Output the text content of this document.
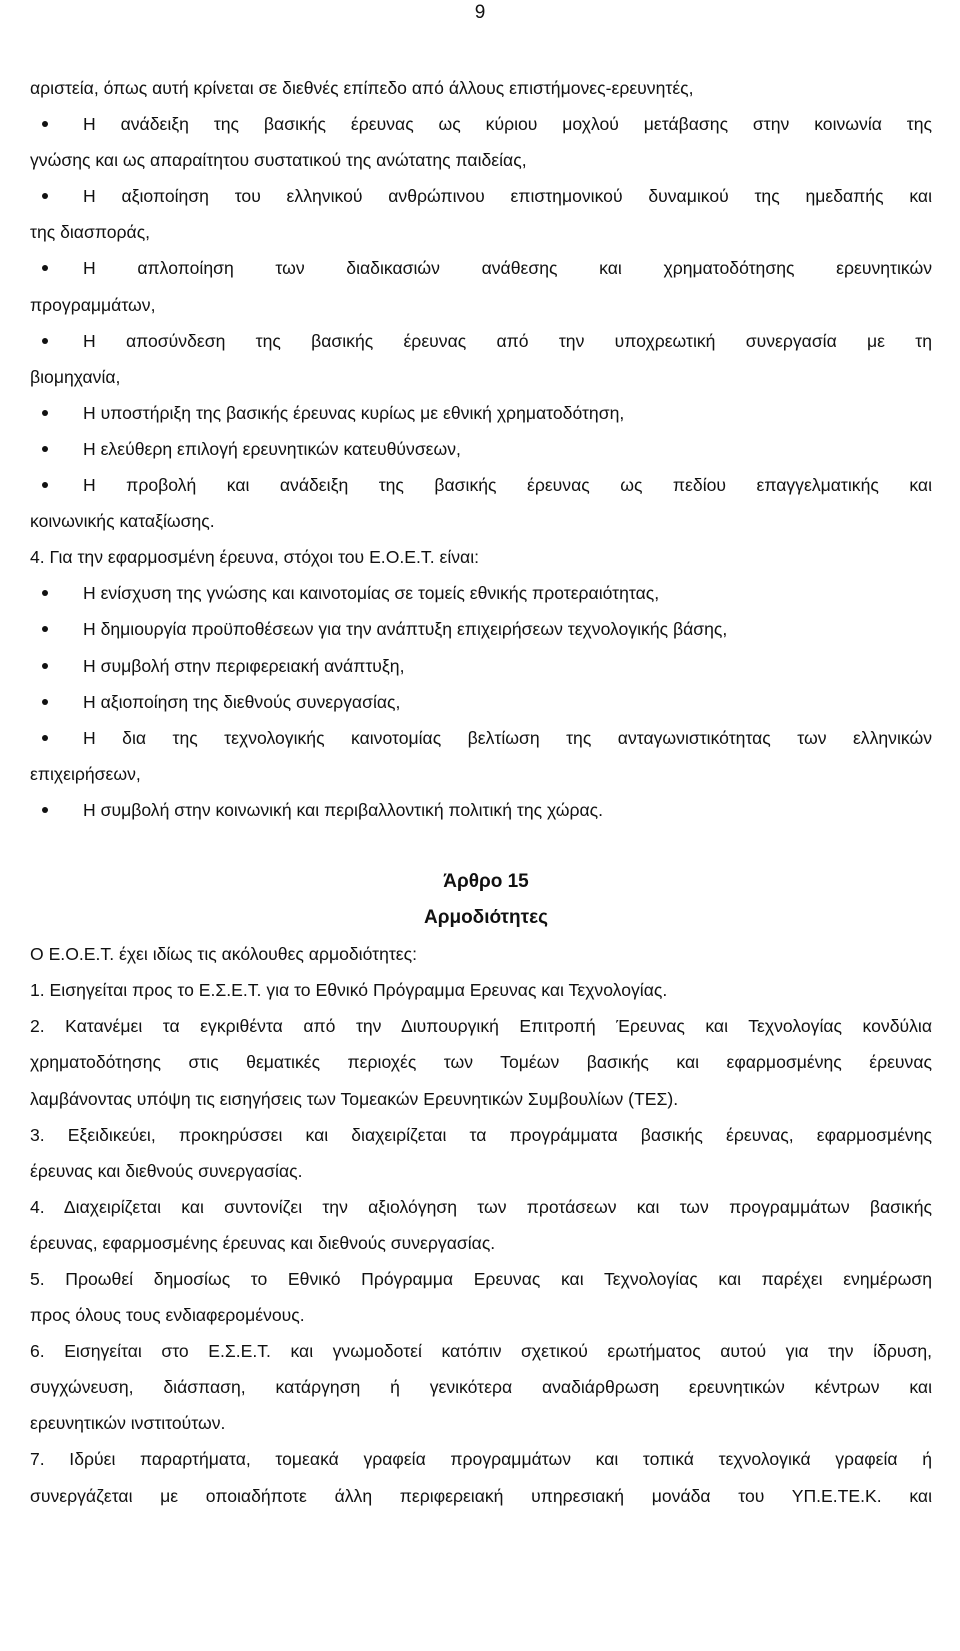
9
αριστεία, όπως αυτή κρίνεται σε διεθνές επίπεδο από άλλους επιστήμονες-ερευνητές,
Η ανάδειξη της βασικής έρευνας ως κύριου μοχλού μετάβασης στην κοινωνία της
γνώσης και ως απαραίτητου συστατικού της ανώτατης παιδείας,
Η αξιοποίηση του ελληνικού ανθρώπινου επιστημονικού δυναμικού της ημεδαπής και
της διασποράς,
Η απλοποίηση των διαδικασιών ανάθεσης και χρηματοδότησης ερευνητικών
προγραμμάτων,
Η αποσύνδεση της βασικής έρευνας από την υποχρεωτική συνεργασία με τη
βιομηχανία,
Η υποστήριξη της βασικής έρευνας κυρίως με εθνική χρηματοδότηση,
Η ελεύθερη επιλογή ερευνητικών κατευθύνσεων,
Η προβολή και ανάδειξη της βασικής έρευνας ως πεδίου επαγγελματικής και
κοινωνικής καταξίωσης.
4. Για την εφαρμοσμένη έρευνα, στόχοι του Ε.Ο.Ε.Τ. είναι:
Η ενίσχυση της γνώσης και καινοτομίας σε τομείς εθνικής προτεραιότητας,
Η δημιουργία προϋποθέσεων για την ανάπτυξη επιχειρήσεων τεχνολογικής βάσης,
Η συμβολή στην περιφερειακή ανάπτυξη,
Η αξιοποίηση της διεθνούς συνεργασίας,
Η δια της τεχνολογικής καινοτομίας βελτίωση της ανταγωνιστικότητας των ελληνικών
επιχειρήσεων,
Η συμβολή στην κοινωνική και περιβαλλοντική πολιτική της χώρας.
Άρθρο 15
Αρμοδιότητες
Ο Ε.Ο.Ε.Τ. έχει ιδίως τις ακόλουθες αρμοδιότητες:
1. Εισηγείται προς το Ε.Σ.Ε.Τ. για το Εθνικό Πρόγραμμα Ερευνας και Τεχνολογίας.
2. Κατανέμει τα εγκριθέντα από την Διυπουργική Επιτροπή Έρευνας και Τεχνολογίας κονδύλια
χρηματοδότησης στις θεματικές περιοχές των Τομέων βασικής και εφαρμοσμένης έρευνας
λαμβάνοντας υπόψη τις εισηγήσεις των Τομεακών Ερευνητικών Συμβουλίων (ΤΕΣ).
3. Εξειδικεύει, προκηρύσσει και διαχειρίζεται τα προγράμματα βασικής έρευνας, εφαρμοσμένης
έρευνας και διεθνούς συνεργασίας.
4. Διαχειρίζεται και συντονίζει την αξιολόγηση των προτάσεων και των προγραμμάτων βασικής
έρευνας, εφαρμοσμένης έρευνας και διεθνούς συνεργασίας.
5. Προωθεί δημοσίως το Εθνικό Πρόγραμμα Ερευνας και Τεχνολογίας και παρέχει ενημέρωση
προς όλους τους ενδιαφερομένους.
6. Εισηγείται στο Ε.Σ.Ε.Τ. και γνωμοδοτεί κατόπιν σχετικού ερωτήματος αυτού για την ίδρυση,
συγχώνευση, διάσπαση, κατάργηση ή γενικότερα αναδιάρθρωση ερευνητικών κέντρων και
ερευνητικών ινστιτούτων.
7. Ιδρύει παραρτήματα, τομεακά γραφεία προγραμμάτων και τοπικά τεχνολογικά γραφεία ή
συνεργάζεται με οποιαδήποτε άλλη περιφερειακή υπηρεσιακή μονάδα του ΥΠ.Ε.ΤΕ.Κ. και
